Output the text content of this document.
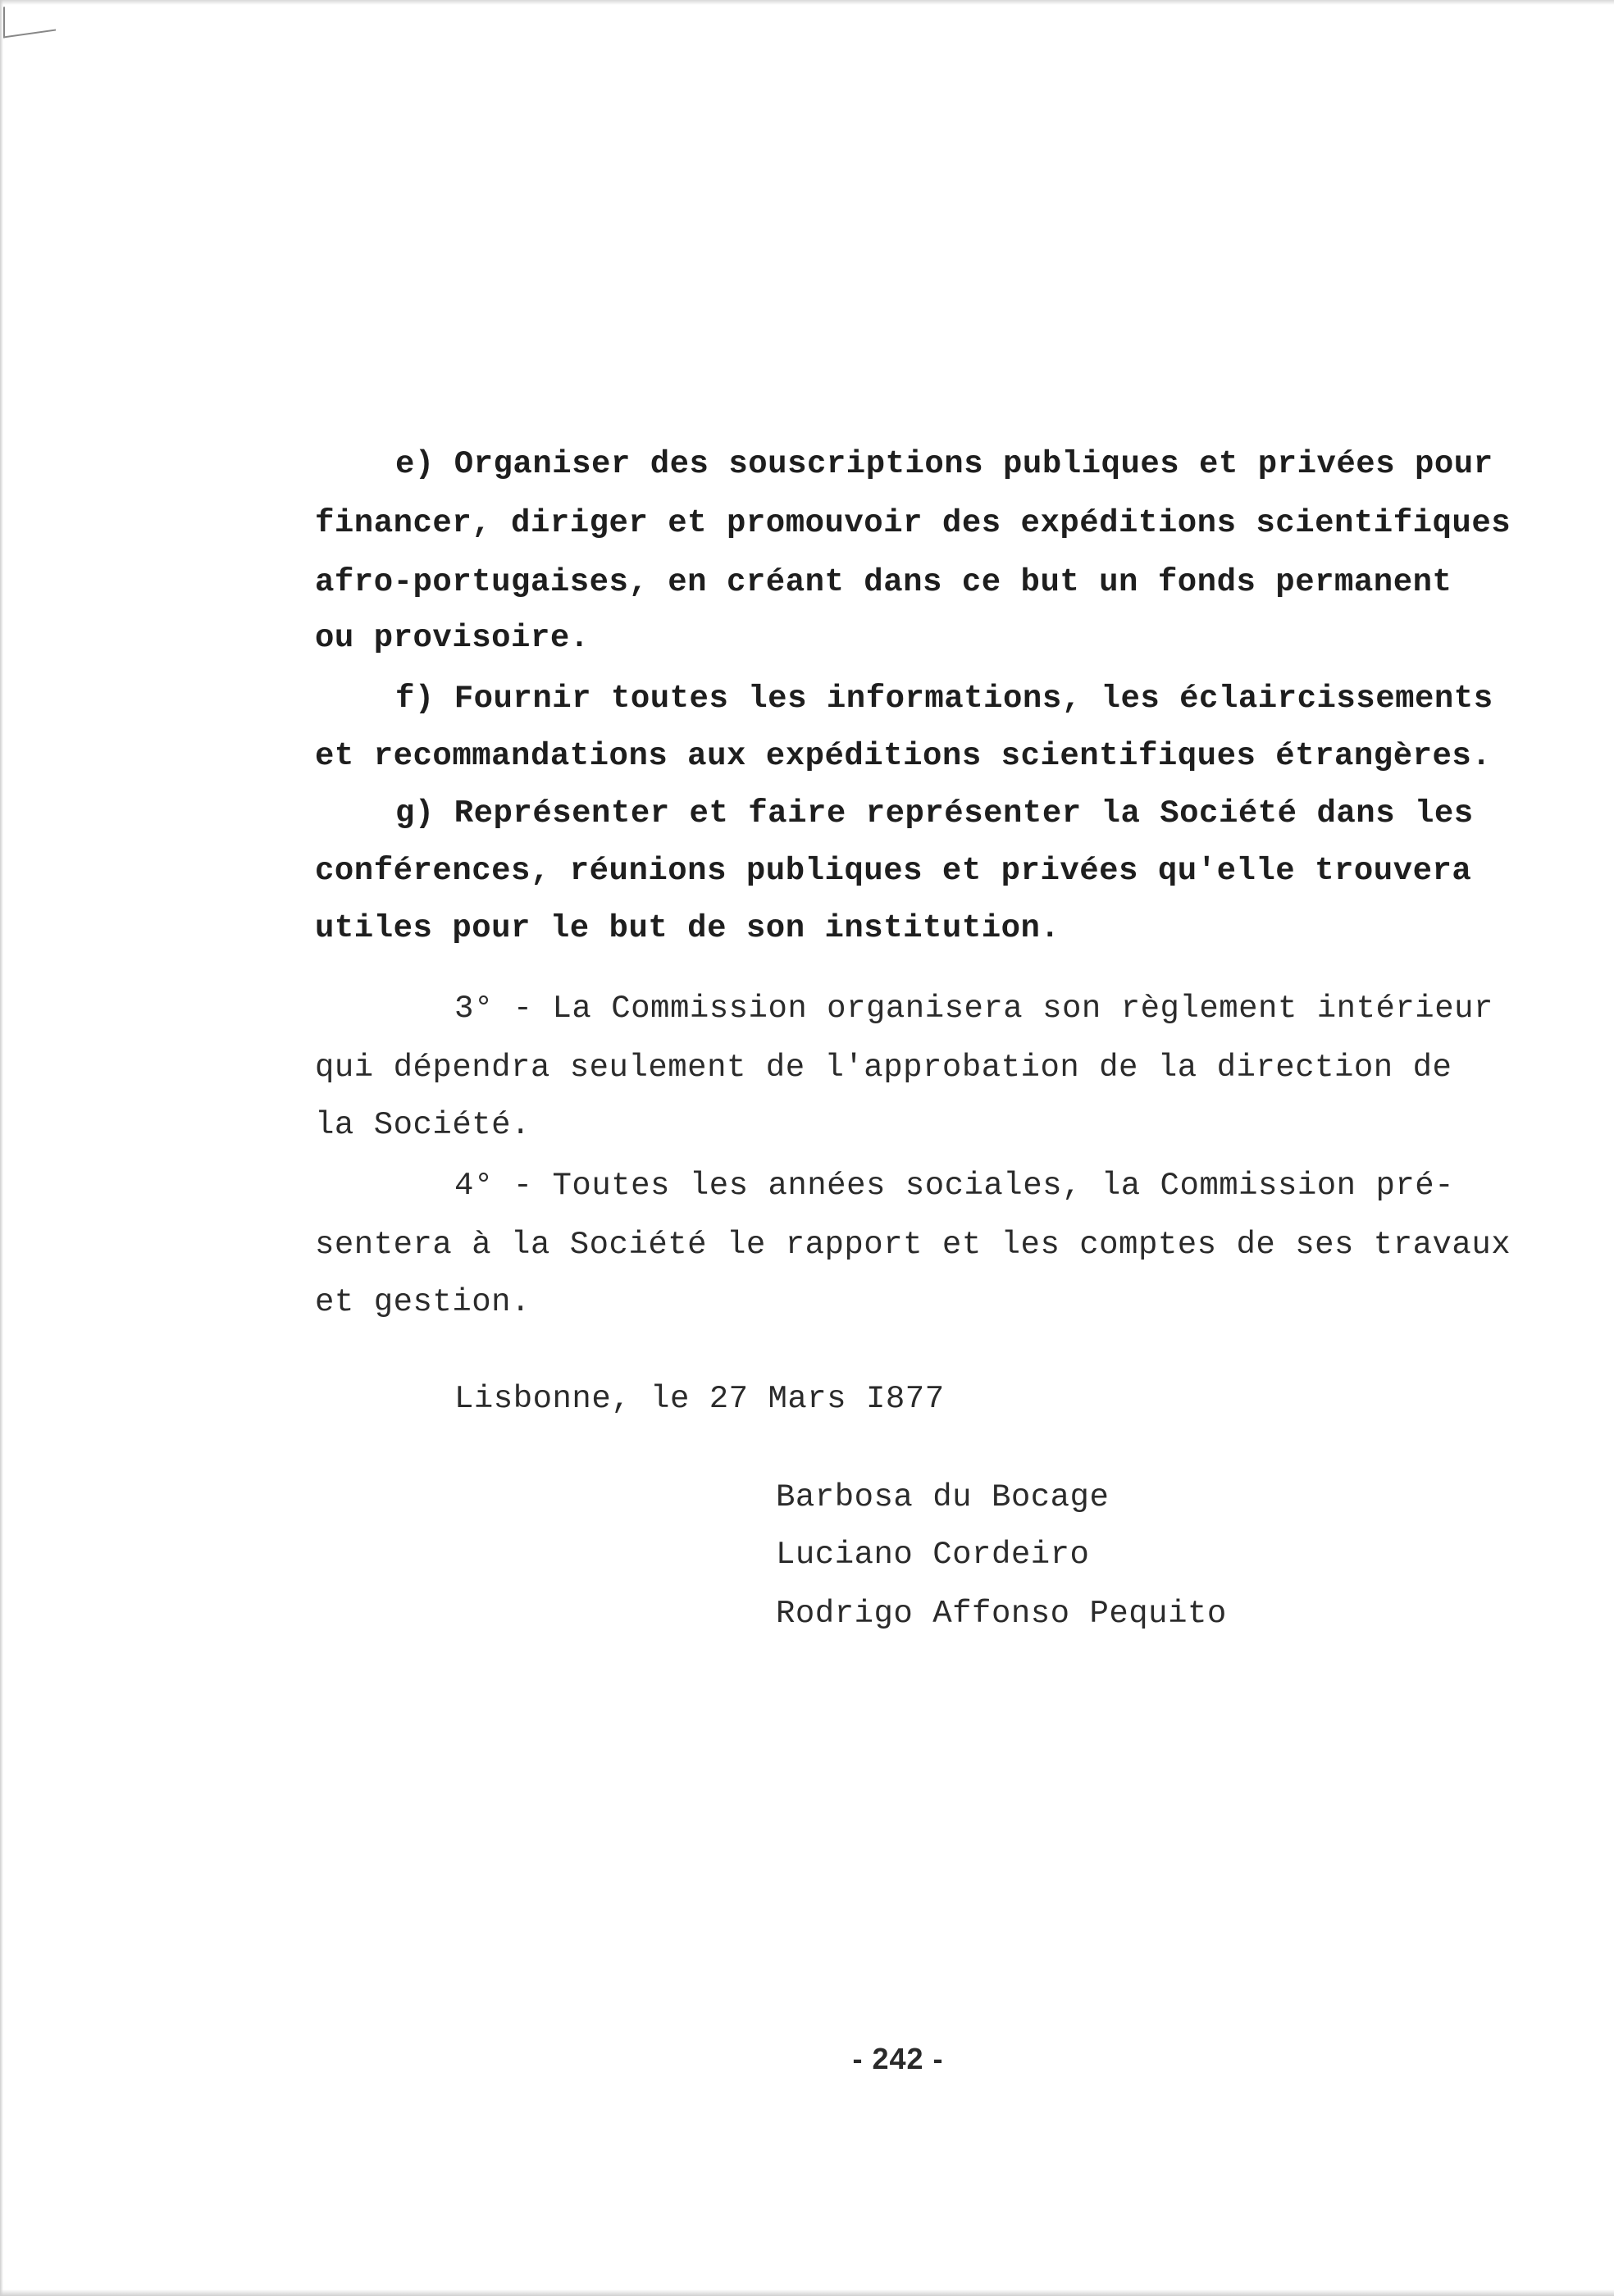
e) Organiser des souscriptions publiques et privées pour
financer, diriger et promouvoir des expéditions scientifiques
afro-portugaises, en créant dans ce but un fonds permanent
ou provisoire.
f) Fournir toutes les informations, les éclaircissements
et recommandations aux expéditions scientifiques étrangères.
g) Représenter et faire représenter la Société dans les
conférences, réunions publiques et privées qu'elle trouvera
utiles pour le but de son institution.
3° - La Commission organisera son règlement intérieur
qui dépendra seulement de l'approbation de la direction de
la Société.
4° - Toutes les années sociales, la Commission pré-
sentera à la Société le rapport et les comptes de ses travaux
et gestion.
Lisbonne, le 27 Mars I877
Barbosa du Bocage
Luciano Cordeiro
Rodrigo Affonso Pequito
- 242 -
